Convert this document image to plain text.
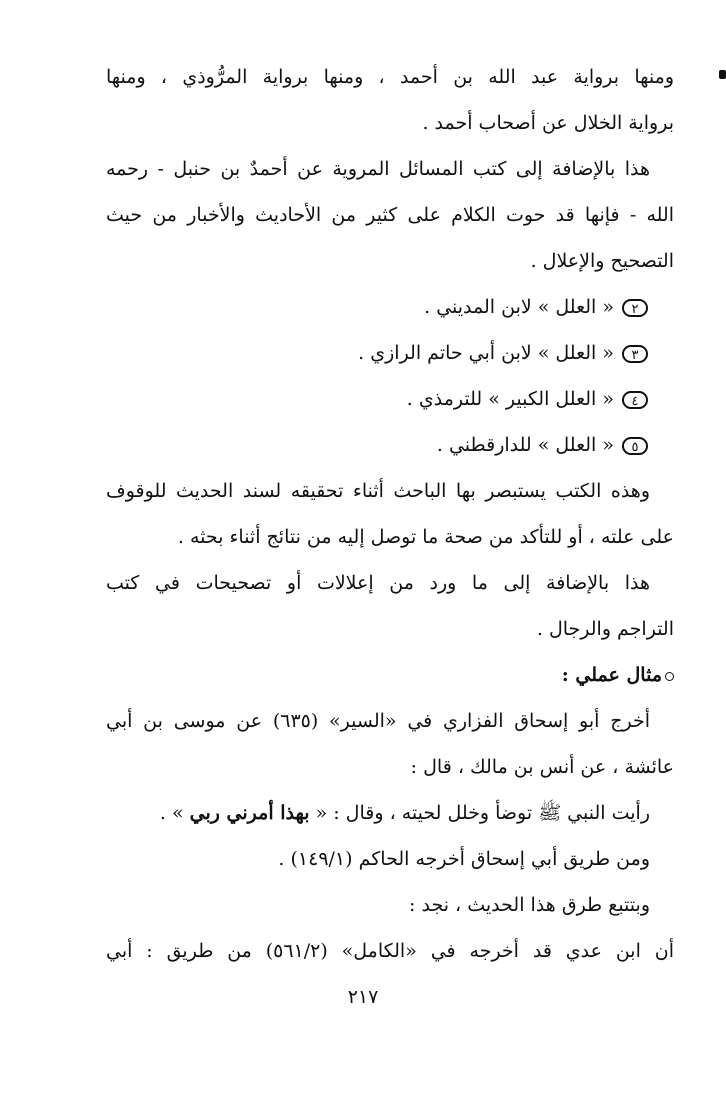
ومنها برواية عبد الله بن أحمد ، ومنها برواية المرُّوذي ، ومنها
برواية الخلال عن أصحاب أحمد .
هذا بالإضافة إلى كتب المسائل المروية عن أحمدٌ بن حنبل - رحمه
الله - فإنها قد حوت الكلام على كثير من الأحاديث والأخبار من حيث
التصحيح والإعلال .
٢« العلل » لابن المديني .
٣« العلل » لابن أبي حاتم الرازي .
٤« العلل الكبير » للترمذي .
٥« العلل » للدارقطني .
وهذه الكتب يستبصر بها الباحث أثناء تحقيقه لسند الحديث للوقوف
على علته ، أو للتأكد من صحة ما توصل إليه من نتائج أثناء بحثه .
هذا بالإضافة إلى ما ورد من إعلالات أو تصحيحات في كتب
التراجم والرجال .
مثال عملي :
أخرج أبو إسحاق الفزاري في «السير» (٦٣٥) عن موسى بن أبي
عائشة ، عن أنس بن مالك ، قال :
رأيت النبي ﷺ توضأ وخلل لحيته ، وقال : « بهذا أمرني ربي » .
ومن طريق أبي إسحاق أخرجه الحاكم (١٤٩/١) .
وبتتبع طرق هذا الحديث ، نجد :
أن ابن عدي قد أخرجه في «الكامل» (٥٦١/٢) من طريق : أبي
٢١٧
